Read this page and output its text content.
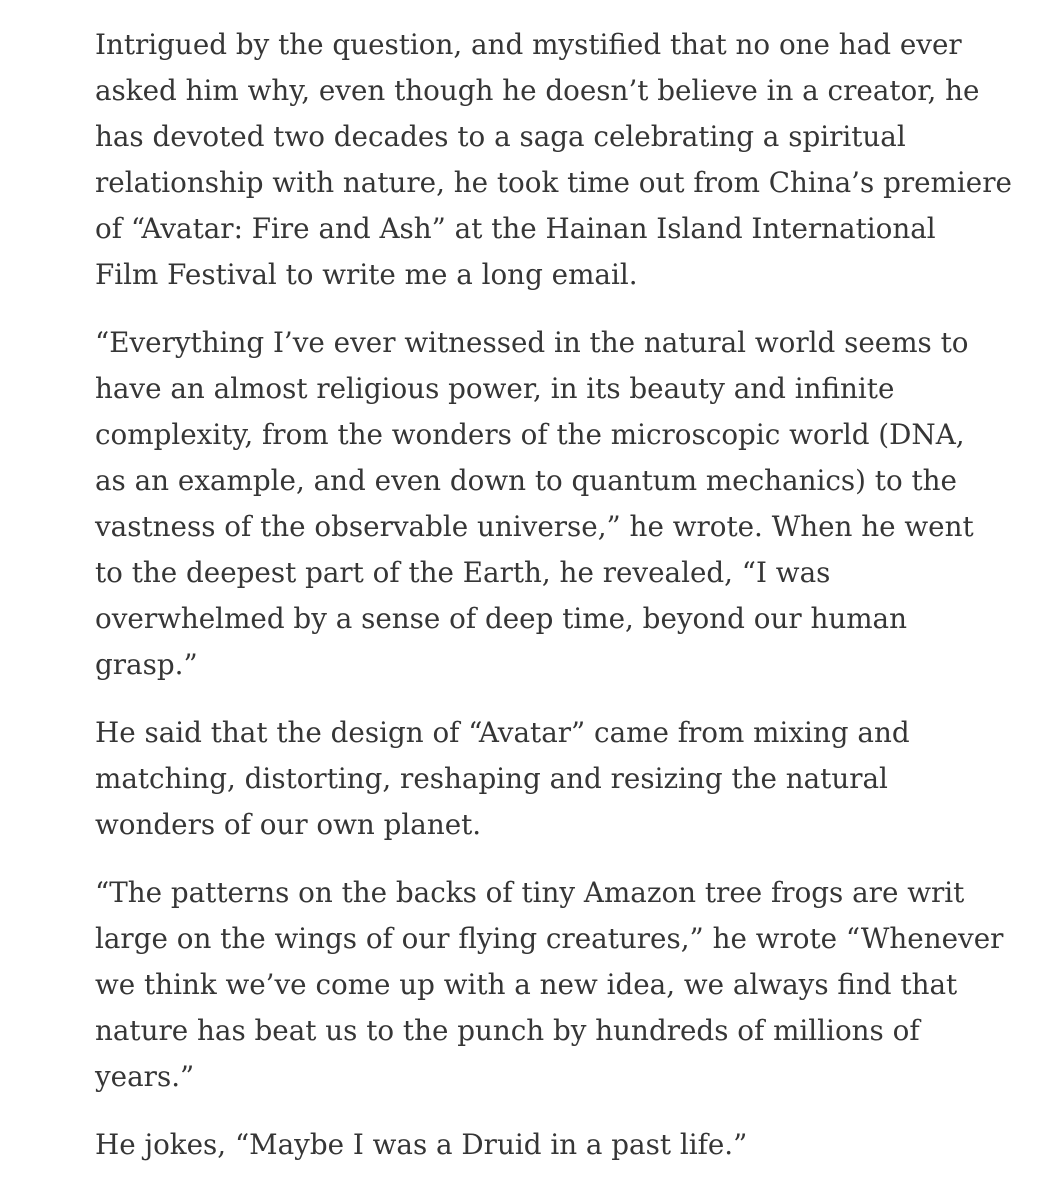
Intrigued by the question, and mystified that no one had ever
asked him why, even though he doesn’t believe in a creator, he
has devoted two decades to a saga celebrating a spiritual
relationship with nature, he took time out from China’s premiere
of “Avatar: Fire and Ash” at the Hainan Island International
Film Festival to write me a long email.

“Everything I’ve ever witnessed in the natural world seems to
have an almost religious power, in its beauty and infinite
complexity, from the wonders of the microscopic world (DNA,
as an example, and even down to quantum mechanics) to the
vastness of the observable universe,” he wrote. When he went
to the deepest part of the Earth, he revealed, “I was
overwhelmed by a sense of deep time, beyond our human
grasp.”

He said that the design of “Avatar” came from mixing and
matching, distorting, reshaping and resizing the natural
wonders of our own planet.

“The patterns on the backs of tiny Amazon tree frogs are writ
large on the wings of our flying creatures,” he wrote “Whenever
we think we’ve come up with a new idea, we always find that
nature has beat us to the punch by hundreds of millions of
years.”

He jokes, “Maybe I was a Druid in a past life.”
